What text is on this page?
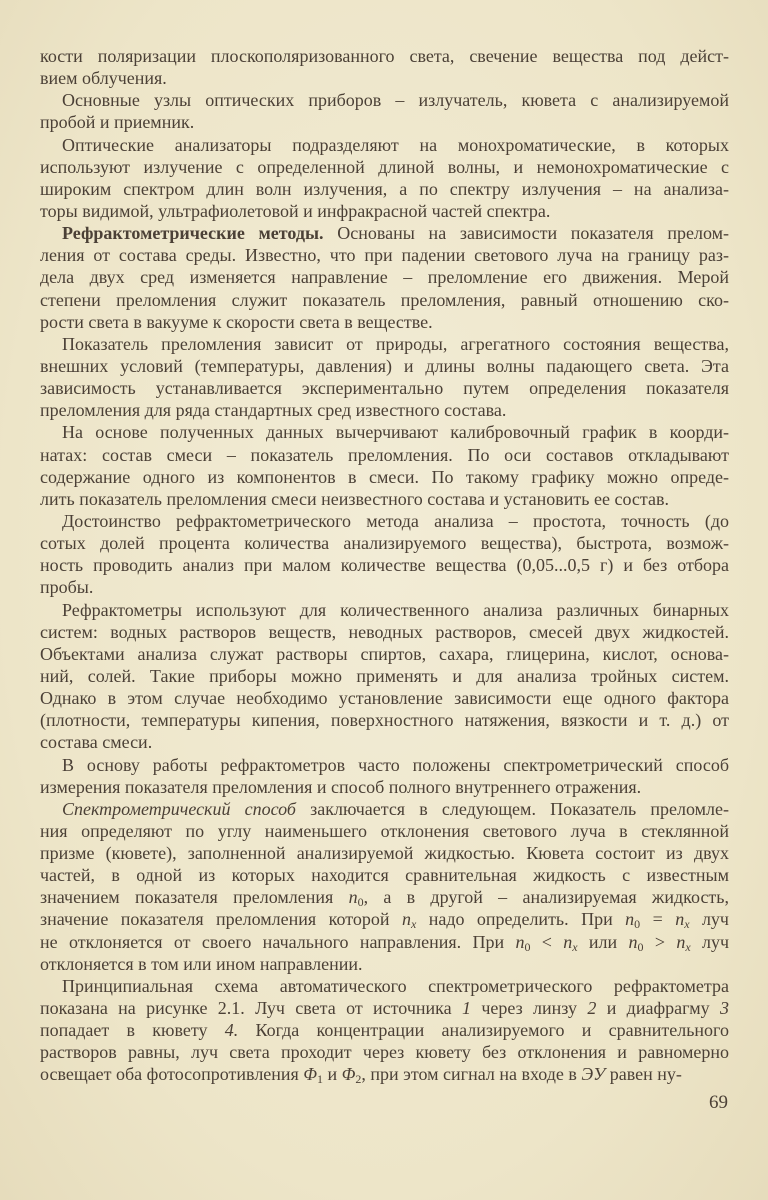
кости поляризации плоскополяризованного света, свечение вещества под дейст-
вием облучения.
Основные узлы оптических приборов – излучатель, кювета с анализируемой
пробой и приемник.
Оптические анализаторы подразделяют на монохроматические, в которых
используют излучение с определенной длиной волны, и немонохроматические с
широким спектром длин волн излучения, а по спектру излучения – на анализа-
торы видимой, ультрафиолетовой и инфракрасной частей спектра.
Рефрактометрические методы. Основаны на зависимости показателя прелом-
ления от состава среды. Известно, что при падении светового луча на границу раз-
дела двух сред изменяется направление – преломление его движения. Мерой
степени преломления служит показатель преломления, равный отношению ско-
рости света в вакууме к скорости света в веществе.
Показатель преломления зависит от природы, агрегатного состояния вещества,
внешних условий (температуры, давления) и длины волны падающего света. Эта
зависимость устанавливается экспериментально путем определения показателя
преломления для ряда стандартных сред известного состава.
На основе полученных данных вычерчивают калибровочный график в коорди-
натах: состав смеси – показатель преломления. По оси составов откладывают
содержание одного из компонентов в смеси. По такому графику можно опреде-
лить показатель преломления смеси неизвестного состава и установить ее состав.
Достоинство рефрактометрического метода анализа – простота, точность (до
сотых долей процента количества анализируемого вещества), быстрота, возмож-
ность проводить анализ при малом количестве вещества (0,05...0,5 г) и без отбора
пробы.
Рефрактометры используют для количественного анализа различных бинарных
систем: водных растворов веществ, неводных растворов, смесей двух жидкостей.
Объектами анализа служат растворы спиртов, сахара, глицерина, кислот, основа-
ний, солей. Такие приборы можно применять и для анализа тройных систем.
Однако в этом случае необходимо установление зависимости еще одного фактора
(плотности, температуры кипения, поверхностного натяжения, вязкости и т. д.) от
состава смеси.
В основу работы рефрактометров часто положены спектрометрический способ
измерения показателя преломления и способ полного внутреннего отражения.
Спектрометрический способ заключается в следующем. Показатель преломле-
ния определяют по углу наименьшего отклонения светового луча в стеклянной
призме (кювете), заполненной анализируемой жидкостью. Кювета состоит из двух
частей, в одной из которых находится сравнительная жидкость с известным
значением показателя преломления $n_0$, а в другой – анализируемая жидкость,
значение показателя преломления которой $n_x$ надо определить. При $n_0 = n_x$ луч
не отклоняется от своего начального направления. При $n_0 < n_x$ или $n_0 > n_x$ луч
отклоняется в том или ином направлении.
Принципиальная схема автоматического спектрометрического рефрактометра
показана на рисунке 2.1. Луч света от источника 1 через линзу 2 и диафрагму 3
попадает в кювету 4. Когда концентрации анализируемого и сравнительного
растворов равны, луч света проходит через кювету без отклонения и равномерно
освещает оба фотосопротивления $\Phi_1$ и $\Phi_2$, при этом сигнал на входе в ЭУ равен ну-
69
